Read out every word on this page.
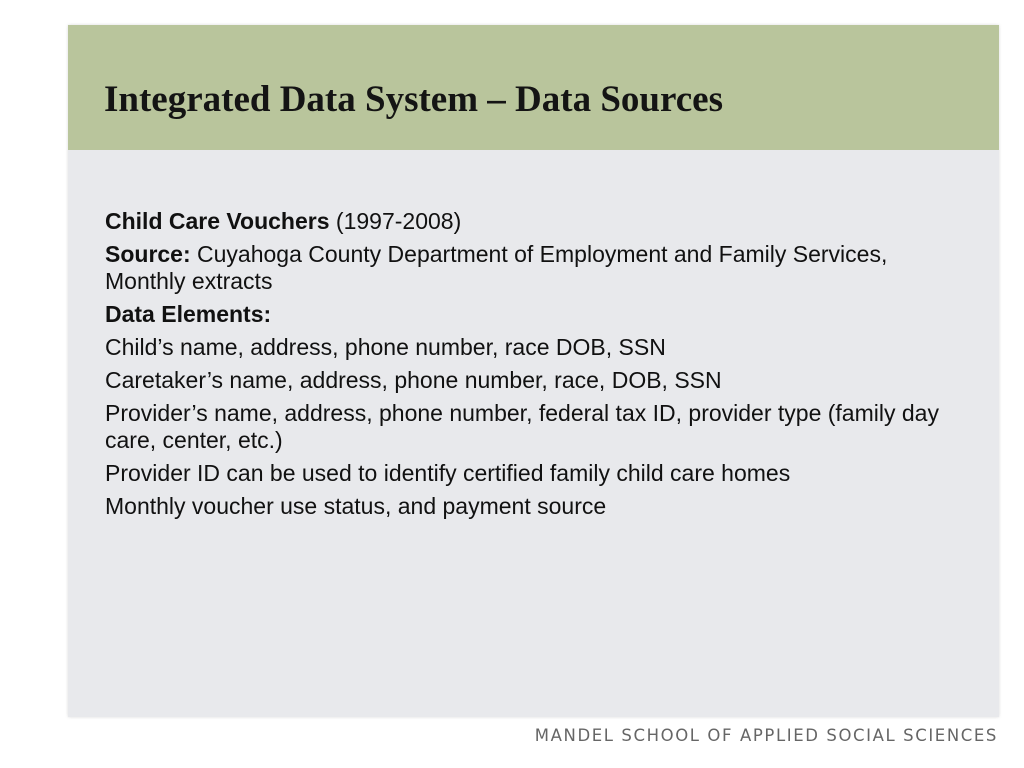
Integrated Data System – Data Sources

Child Care Vouchers (1997-2008)

Source: Cuyahoga County Department of Employment and Family Services, Monthly extracts

Data Elements:

Child’s name, address, phone number, race DOB, SSN

Caretaker’s name, address, phone number, race, DOB, SSN

Provider’s name, address, phone number, federal tax ID, provider type (family day care, center, etc.)

Provider ID can be used to identify certified family child care homes

Monthly voucher use status, and payment source

MANDEL SCHOOL OF APPLIED SOCIAL SCIENCES
